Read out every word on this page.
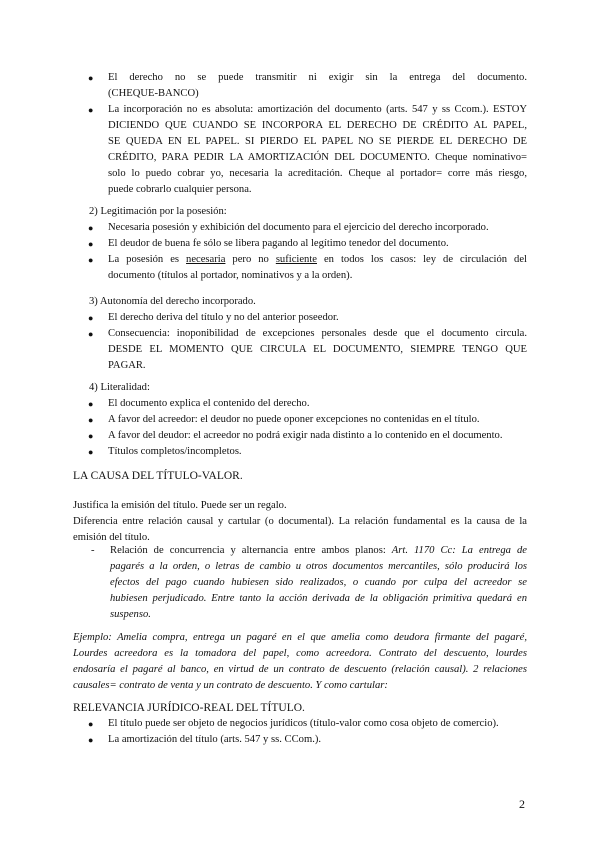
●	El derecho no se puede transmitir ni exigir sin la entrega del documento.
(CHEQUE-BANCO)
●	La incorporación no es absoluta: amortización del documento (arts. 547 y ss Ccom.). ESTOY
DICIENDO QUE CUANDO SE INCORPORA EL DERECHO DE CRÉDITO AL PAPEL,
SE QUEDA EN EL PAPEL. SI PIERDO EL PAPEL NO SE PIERDE EL DERECHO DE
CRÉDITO, PARA PEDIR LA AMORTIZACIÓN DEL DOCUMENTO. Cheque nominativo=
solo lo puedo cobrar yo, necesaria la acreditación. Cheque al portador= corre más riesgo,
puede cobrarlo cualquier persona.
2) Legitimación por la posesión:
●	Necesaria posesión y exhibición del documento para el ejercicio del derecho incorporado.
●	El deudor de buena fe sólo se libera pagando al legítimo tenedor del documento.
●	La posesión es necesaria pero no suficiente en todos los casos: ley de circulación del
documento (títulos al portador, nominativos y a la orden).
3) Autonomía del derecho incorporado.
●	El derecho deriva del título y no del anterior poseedor.
●	Consecuencia: inoponibilidad de excepciones personales desde que el documento circula.
DESDE EL MOMENTO QUE CIRCULA EL DOCUMENTO, SIEMPRE TENGO QUE
PAGAR.
4) Literalidad:
●	El documento explica el contenido del derecho.
●	A favor del acreedor: el deudor no puede oponer excepciones no contenidas en el título.
●	A favor del deudor: el acreedor no podrá exigir nada distinto a lo contenido en el documento.
●	Títulos completos/incompletos.
LA CAUSA DEL TÍTULO-VALOR.
Justifica la emisión del título. Puede ser un regalo.
Diferencia entre relación causal y cartular (o documental). La relación fundamental es la causa de la
emisión del título.
-	Relación de concurrencia y alternancia entre ambos planos: Art. 1170 Cc: La entrega de
pagarés a la orden, o letras de cambio u otros documentos mercantiles, sólo producirá los
efectos del pago cuando hubiesen sido realizados, o cuando por culpa del acreedor se
hubiesen perjudicado. Entre tanto la acción derivada de la obligación primitiva quedará en
suspenso.
Ejemplo: Amelia compra, entrega un pagaré en el que amelia como deudora firmante del pagaré,
Lourdes acreedora es la tomadora del papel, como acreedora. Contrato del descuento, lourdes
endosaría el pagaré al banco, en virtud de un contrato de descuento (relación causal). 2 relaciones
causales= contrato de venta y un contrato de descuento. Y como cartular:
RELEVANCIA JURÍDICO-REAL DEL TÍTULO.
●	El título puede ser objeto de negocios jurídicos (título-valor como cosa objeto de comercio).
●	La amortización del título (arts. 547 y ss. CCom.).
2
